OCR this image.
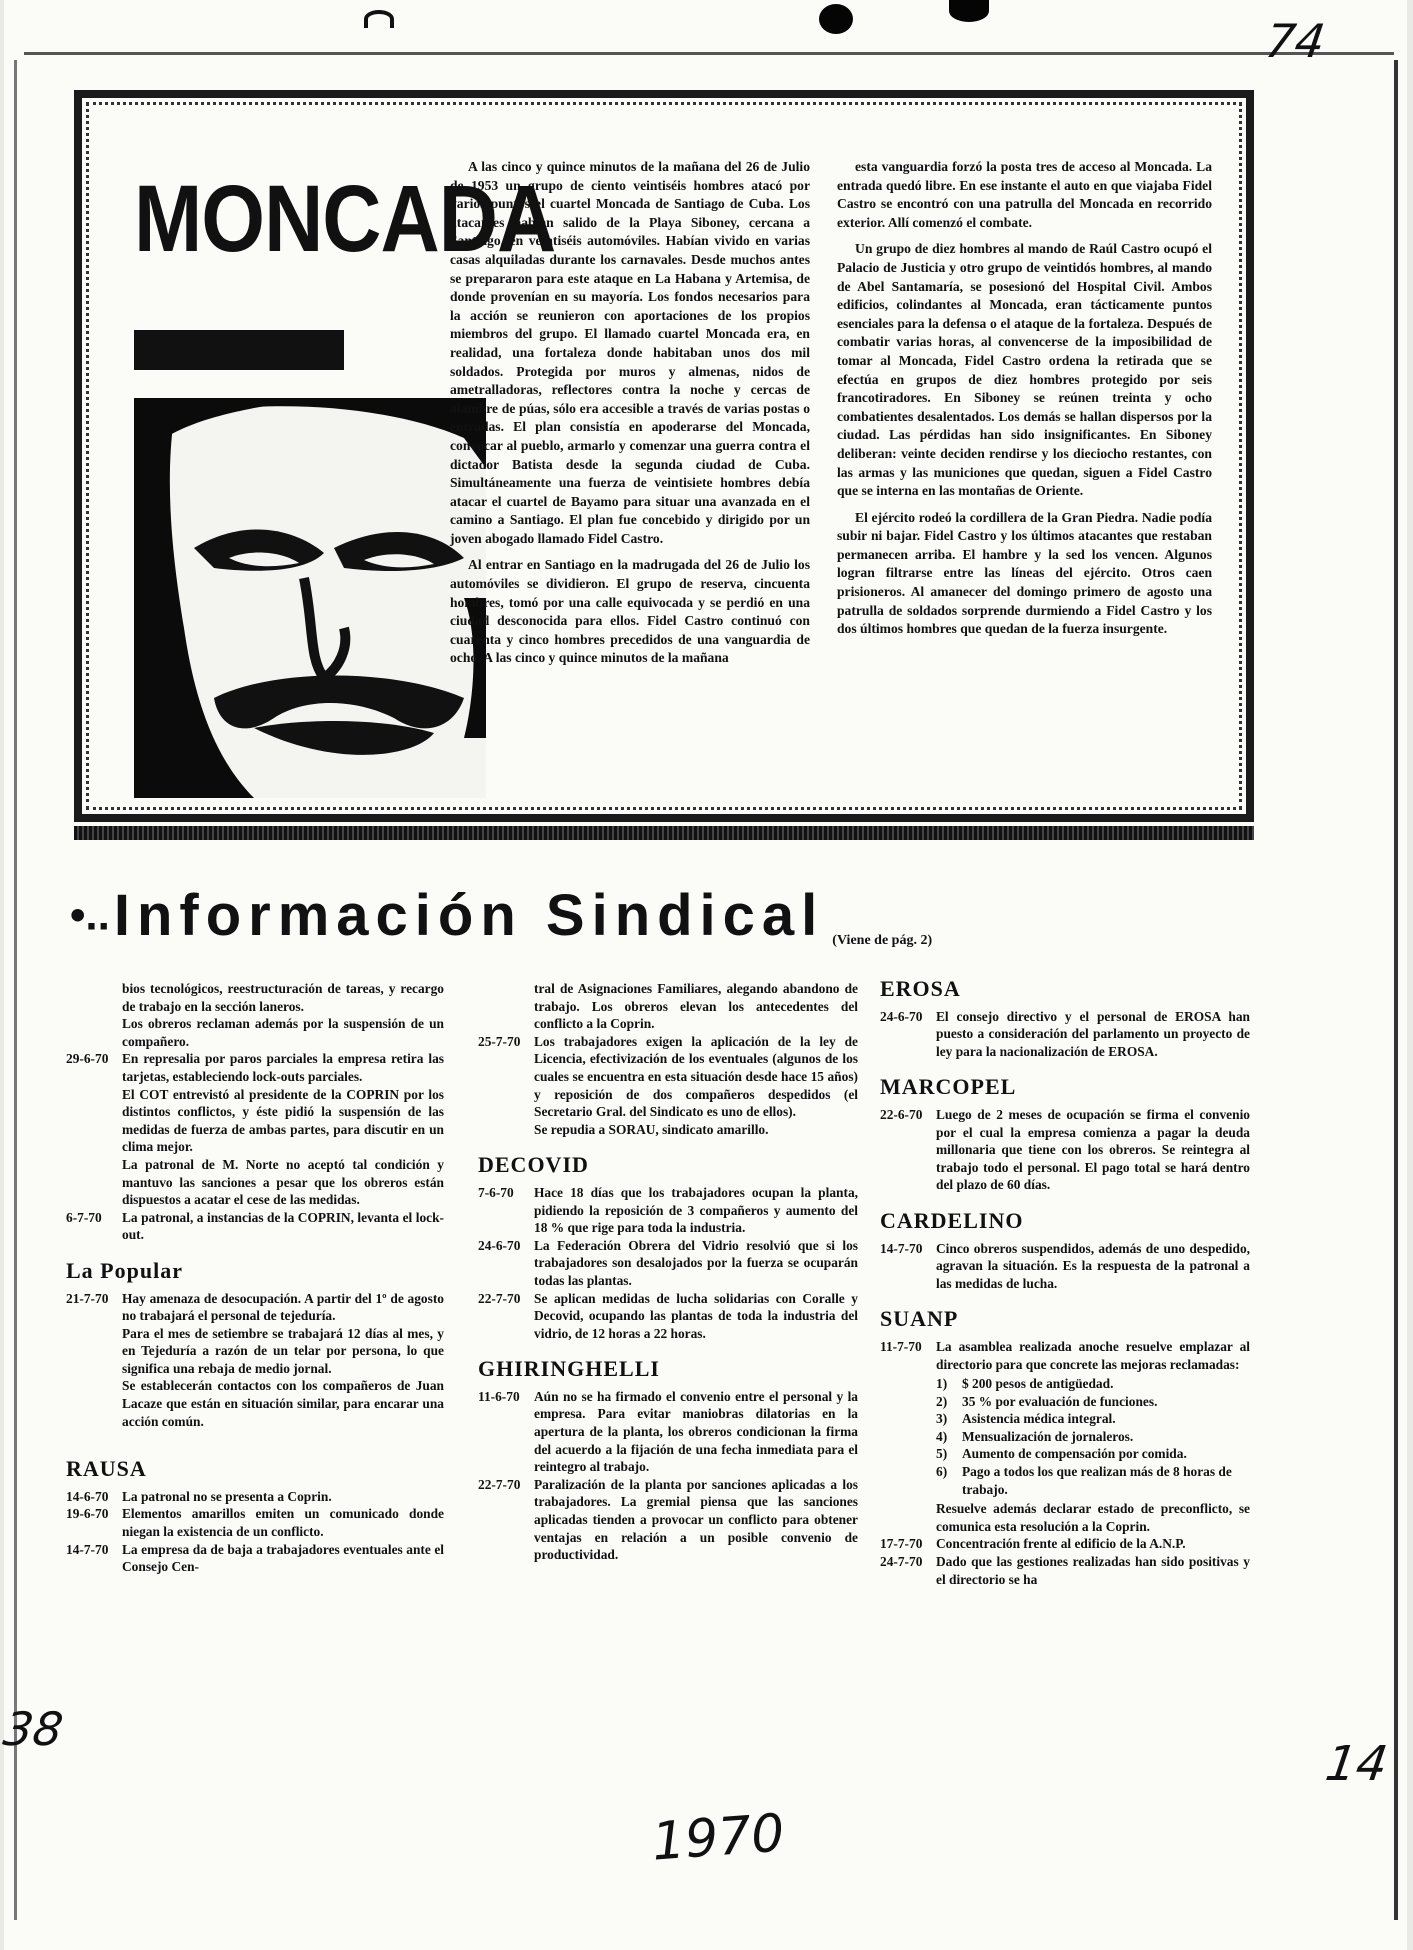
74
38
14
1970
MONCADA

A las cinco y quince minutos de la mañana del 26 de Julio de 1953 un grupo de ciento veintiséis hombres atacó por varios puntos el cuartel Moncada de Santiago de Cuba. Los atacantes habían salido de la Playa Siboney, cercana a Santiago, en veintiséis automóviles. Habían vivido en varias casas alquiladas durante los carnavales. Desde muchos antes se prepararon para este ataque en La Habana y Artemisa, de donde provenían en su mayoría. Los fondos necesarios para la acción se reunieron con aportaciones de los propios miembros del grupo. El llamado cuartel Moncada era, en realidad, una fortaleza donde habitaban unos dos mil soldados. Protegida por muros y almenas, nidos de ametralladoras, reflectores contra la noche y cercas de alambre de púas, sólo era accesible a través de varias postas o entradas. El plan consistía en apoderarse del Moncada, convocar al pueblo, armarlo y comenzar una guerra contra el dictador Batista desde la segunda ciudad de Cuba. Simultáneamente una fuerza de veintisiete hombres debía atacar el cuartel de Bayamo para situar una avanzada en el camino a Santiago. El plan fue concebido y dirigido por un joven abogado llamado Fidel Castro.

Al entrar en Santiago en la madrugada del 26 de Julio los automóviles se dividieron. El grupo de reserva, cincuenta hombres, tomó por una calle equivocada y se perdió en una ciudad desconocida para ellos. Fidel Castro continuó con cuarenta y cinco hombres precedidos de una vanguardia de ocho. A las cinco y quince minutos de la mañana

esta vanguardia forzó la posta tres de acceso al Moncada. La entrada quedó libre. En ese instante el auto en que viajaba Fidel Castro se encontró con una patrulla del Moncada en recorrido exterior. Allí comenzó el combate.

Un grupo de diez hombres al mando de Raúl Castro ocupó el Palacio de Justicia y otro grupo de veintidós hombres, al mando de Abel Santamaría, se posesionó del Hospital Civil. Ambos edificios, colindantes al Moncada, eran tácticamente puntos esenciales para la defensa o el ataque de la fortaleza. Después de combatir varias horas, al convencerse de la imposibilidad de tomar al Moncada, Fidel Castro ordena la retirada que se efectúa en grupos de diez hombres protegido por seis francotiradores. En Siboney se reúnen treinta y ocho combatientes desalentados. Los demás se hallan dispersos por la ciudad. Las pérdidas han sido insignificantes. En Siboney deliberan: veinte deciden rendirse y los dieciocho restantes, con las armas y las municiones que quedan, siguen a Fidel Castro que se interna en las montañas de Oriente.

El ejército rodeó la cordillera de la Gran Piedra. Nadie podía subir ni bajar. Fidel Castro y los últimos atacantes que restaban permanecen arriba. El hambre y la sed los vencen. Algunos logran filtrarse entre las líneas del ejército. Otros caen prisioneros. Al amanecer del domingo primero de agosto una patrulla de soldados sorprende durmiendo a Fidel Castro y los dos últimos hombres que quedan de la fuerza insurgente.

•.. Información Sindical (Viene de pág. 2)
bios tecnológicos, reestructuración de tareas, y recargo de trabajo en la sección laneros.
Los obreros reclaman además por la suspensión de un compañero.
29-6-70	En represalia por paros parciales la empresa retira las tarjetas, estableciendo lock-outs parciales.
El COT entrevistó al presidente de la COPRIN por los distintos conflictos, y éste pidió la suspensión de las medidas de fuerza de ambas partes, para discutir en un clima mejor.
La patronal de M. Norte no aceptó tal condición y mantuvo las sanciones a pesar que los obreros están dispuestos a acatar el cese de las medidas.
6-7-70	La patronal, a instancias de la COPRIN, levanta el lock-out.
La Popular
21-7-70	Hay amenaza de desocupación. A partir del 1º de agosto no trabajará el personal de tejeduría.
Para el mes de setiembre se trabajará 12 días al mes, y en Tejeduría a razón de un telar por persona, lo que significa una rebaja de medio jornal.
Se establecerán contactos con los compañeros de Juan Lacaze que están en situación similar, para encarar una acción común.
RAUSA
14-6-70	La patronal no se presenta a Coprin.
19-6-70	Elementos amarillos emiten un comunicado donde niegan la existencia de un conflicto.
14-7-70	La empresa da de baja a trabajadores eventuales ante el Consejo Cen-
tral de Asignaciones Familiares, alegando abandono de trabajo. Los obreros elevan los antecedentes del conflicto a la Coprin.
25-7-70	Los trabajadores exigen la aplicación de la ley de Licencia, efectivización de los eventuales (algunos de los cuales se encuentra en esta situación desde hace 15 años) y reposición de dos compañeros despedidos (el Secretario Gral. del Sindicato es uno de ellos).
Se repudia a SORAU, sindicato amarillo.
DECOVID
7-6-70	Hace 18 días que los trabajadores ocupan la planta, pidiendo la reposición de 3 compañeros y aumento del 18 % que rige para toda la industria.
24-6-70	La Federación Obrera del Vidrio resolvió que si los trabajadores son desalojados por la fuerza se ocuparán todas las plantas.
22-7-70	Se aplican medidas de lucha solidarias con Coralle y Decovid, ocupando las plantas de toda la industria del vidrio, de 12 horas a 22 horas.
GHIRINGHELLI
11-6-70	Aún no se ha firmado el convenio entre el personal y la empresa. Para evitar maniobras dilatorias en la apertura de la planta, los obreros condicionan la firma del acuerdo a la fijación de una fecha inmediata para el reintegro al trabajo.
22-7-70	Paralización de la planta por sanciones aplicadas a los trabajadores. La gremial piensa que las sanciones aplicadas tienden a provocar un conflicto para obtener ventajas en relación a un posible convenio de productividad.
EROSA
24-6-70	El consejo directivo y el personal de EROSA han puesto a consideración del parlamento un proyecto de ley para la nacionalización de EROSA.
MARCOPEL
22-6-70	Luego de 2 meses de ocupación se firma el convenio por el cual la empresa comienza a pagar la deuda millonaria que tiene con los obreros. Se reintegra al trabajo todo el personal. El pago total se hará dentro del plazo de 60 días.
CARDELINO
14-7-70	Cinco obreros suspendidos, además de uno despedido, agravan la situación. Es la respuesta de la patronal a las medidas de lucha.
SUANP
11-7-70	La asamblea realizada anoche resuelve emplazar al directorio para que concrete las mejoras reclamadas:
1)	$ 200 pesos de antigüedad.
2)	35 % por evaluación de funciones.
3)	Asistencia médica integral.
4)	Mensualización de jornaleros.
5)	Aumento de compensación por comida.
6)	Pago a todos los que realizan más de 8 horas de trabajo.
Resuelve además declarar estado de preconflicto, se comunica esta resolución a la Coprin.
17-7-70	Concentración frente al edificio de la A.N.P.
24-7-70	Dado que las gestiones realizadas han sido positivas y el directorio se ha
